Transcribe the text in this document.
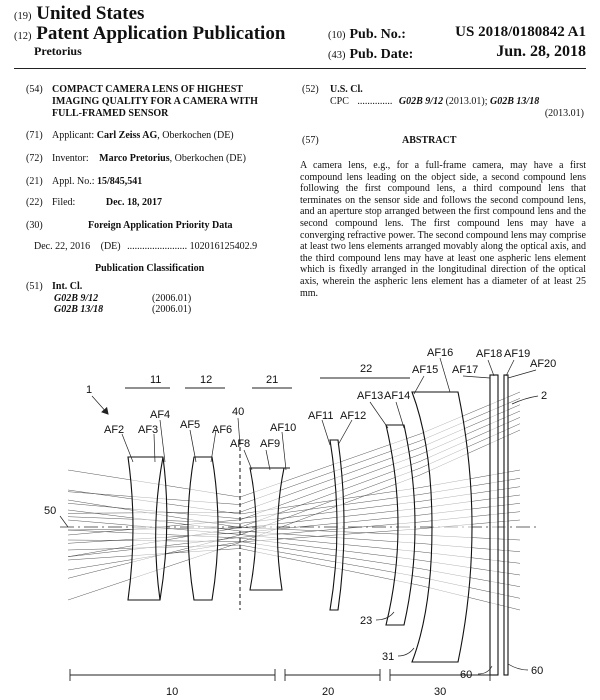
(19) United States
(12) Patent Application Publication
Pretorius
(10) Pub. No.:	US 2018/0180842 A1
(43) Pub. Date:	Jun. 28, 2018
(54) COMPACT CAMERA LENS OF HIGHEST
IMAGING QUALITY FOR A CAMERA WITH
FULL-FRAMED SENSOR
(71) Applicant: Carl Zeiss AG, Oberkochen (DE)
(72) Inventor: Marco Pretorius, Oberkochen (DE)
(21) Appl. No.: 15/845,541
(22) Filed:	Dec. 18, 2017
(30)	Foreign Application Priority Data
Dec. 22, 2016 (DE) ........................ 102016125402.9
Publication Classification
(51) Int. Cl.
G02B 9/12	(2006.01)
G02B 13/18	(2006.01)
(52) U.S. Cl.
CPC .............. G02B 9/12 (2013.01); G02B 13/18
(2013.01)
(57)	ABSTRACT
A camera lens, e.g., for a full-frame camera, may have a first compound lens leading on the object side, a second compound lens following the first compound lens, a third compound lens that terminates on the sensor side and follows the second compound lens, and an aperture stop arranged between the first compound lens and the second compound lens. The first compound lens may have a converging refractive power. The second compound lens may comprise at least two lens elements arranged movably along the optical axis, and the third compound lens may have at least one aspheric lens element which is fixedly arranged in the longitudinal direction of the optical axis, wherein the aspheric lens element has a diameter of at least 25 mm.
1
11	12	21
22
40
AF2 AF3
AF4
AF5 AF6
AF8 AF9
AF10
AF11 AF12
AF13 AF14
AF15
AF16
AF17
AF18 AF19
AF20
2
50
23
31
60	60
10	20	30
